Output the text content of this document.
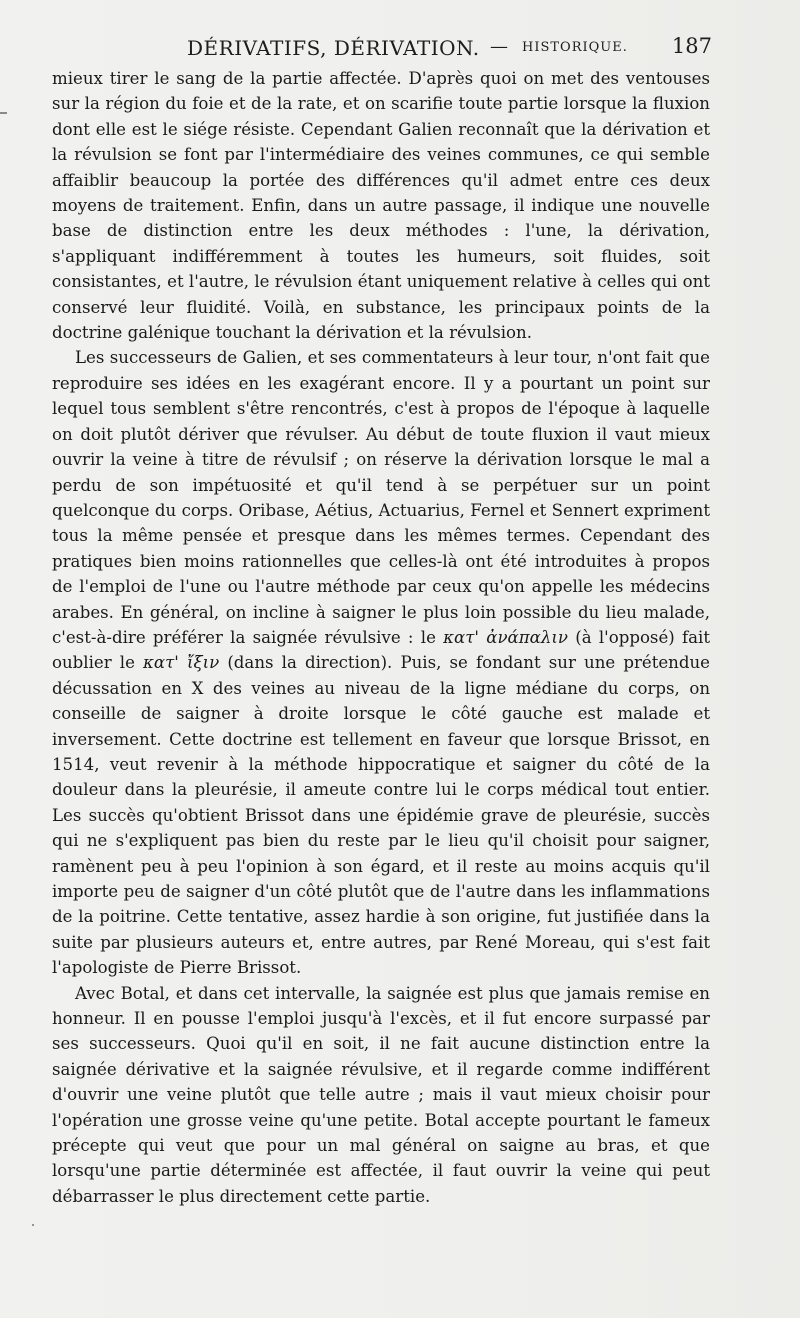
DÉRIVATIFS, DÉRIVATION. — HISTORIQUE. 187

mieux tirer le sang de la partie affectée. D'après quoi on met des ventouses sur la région du foie et de la rate, et on scarifie toute partie lorsque la fluxion dont elle est le siége résiste. Cependant Galien reconnaît que la dérivation et la révulsion se font par l'intermédiaire des veines communes, ce qui semble affaiblir beaucoup la portée des différences qu'il admet entre ces deux moyens de traitement. Enfin, dans un autre passage, il indique une nouvelle base de distinction entre les deux méthodes : l'une, la dérivation, s'appliquant indifféremment à toutes les humeurs, soit fluides, soit consistantes, et l'autre, le révulsion étant uniquement relative à celles qui ont conservé leur fluidité. Voilà, en substance, les principaux points de la doctrine galénique touchant la dérivation et la révulsion.

Les successeurs de Galien, et ses commentateurs à leur tour, n'ont fait que reproduire ses idées en les exagérant encore. Il y a pourtant un point sur lequel tous semblent s'être rencontrés, c'est à propos de l'époque à laquelle on doit plutôt dériver que révulser. Au début de toute fluxion il vaut mieux ouvrir la veine à titre de révulsif ; on réserve la dérivation lorsque le mal a perdu de son impétuosité et qu'il tend à se perpétuer sur un point quelconque du corps. Oribase, Aétius, Actuarius, Fernel et Sennert expriment tous la même pensée et presque dans les mêmes termes. Cependant des pratiques bien moins rationnelles que celles-là ont été introduites à propos de l'emploi de l'une ou l'autre méthode par ceux qu'on appelle les médecins arabes. En général, on incline à saigner le plus loin possible du lieu malade, c'est-à-dire préférer la saignée révulsive : le κατ' ἀνάπαλιν (à l'opposé) fait oublier le κατ' ἴξιν (dans la direction). Puis, se fondant sur une prétendue décussation en X des veines au niveau de la ligne médiane du corps, on conseille de saigner à droite lorsque le côté gauche est malade et inversement. Cette doctrine est tellement en faveur que lorsque Brissot, en 1514, veut revenir à la méthode hippocratique et saigner du côté de la douleur dans la pleurésie, il ameute contre lui le corps médical tout entier. Les succès qu'obtient Brissot dans une épidémie grave de pleurésie, succès qui ne s'expliquent pas bien du reste par le lieu qu'il choisit pour saigner, ramènent peu à peu l'opinion à son égard, et il reste au moins acquis qu'il importe peu de saigner d'un côté plutôt que de l'autre dans les inflammations de la poitrine. Cette tentative, assez hardie à son origine, fut justifiée dans la suite par plusieurs auteurs et, entre autres, par René Moreau, qui s'est fait l'apologiste de Pierre Brissot.

Avec Botal, et dans cet intervalle, la saignée est plus que jamais remise en honneur. Il en pousse l'emploi jusqu'à l'excès, et il fut encore surpassé par ses successeurs. Quoi qu'il en soit, il ne fait aucune distinction entre la saignée dérivative et la saignée révulsive, et il regarde comme indifférent d'ouvrir une veine plutôt que telle autre ; mais il vaut mieux choisir pour l'opération une grosse veine qu'une petite. Botal accepte pourtant le fameux précepte qui veut que pour un mal général on saigne au bras, et que lorsqu'une partie déterminée est affectée, il faut ouvrir la veine qui peut débarrasser le plus directement cette partie.
